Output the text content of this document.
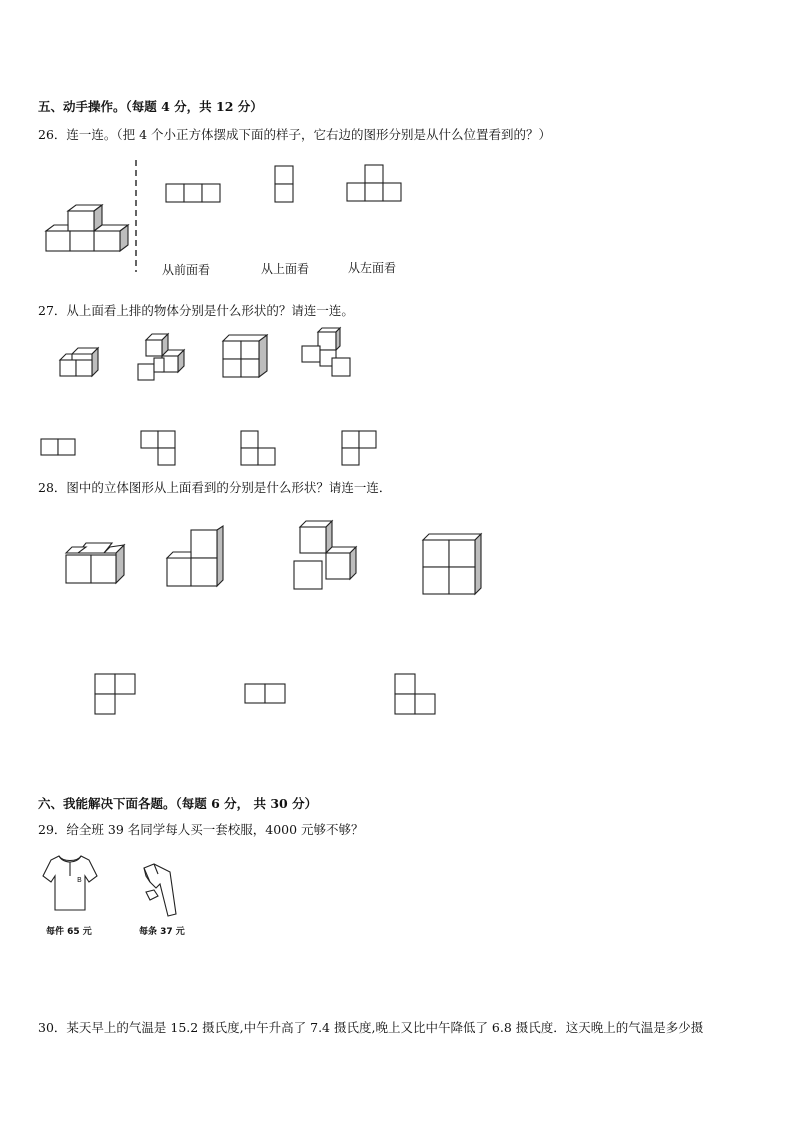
五、动手操作。（每题 4 分，共 12 分）
26．连一连。（把 4 个小正方体摆成下面的样子，它右边的图形分别是从什么位置看到的？）
从前面看	从上面看	从左面看
27．从上面看上排的物体分别是什么形状的？请连一连。
28．图中的立体图形从上面看到的分别是什么形状？请连一连．
六、我能解决下面各题。（每题 6 分， 共 30 分）
29．给全班 39 名同学每人买一套校服，4000 元够不够？
B
每件 65 元	每条 37 元
30．某天早上的气温是 15.2 摄氏度,中午升高了 7.4 摄氏度,晚上又比中午降低了 6.8 摄氏度．这天晚上的气温是多少摄
